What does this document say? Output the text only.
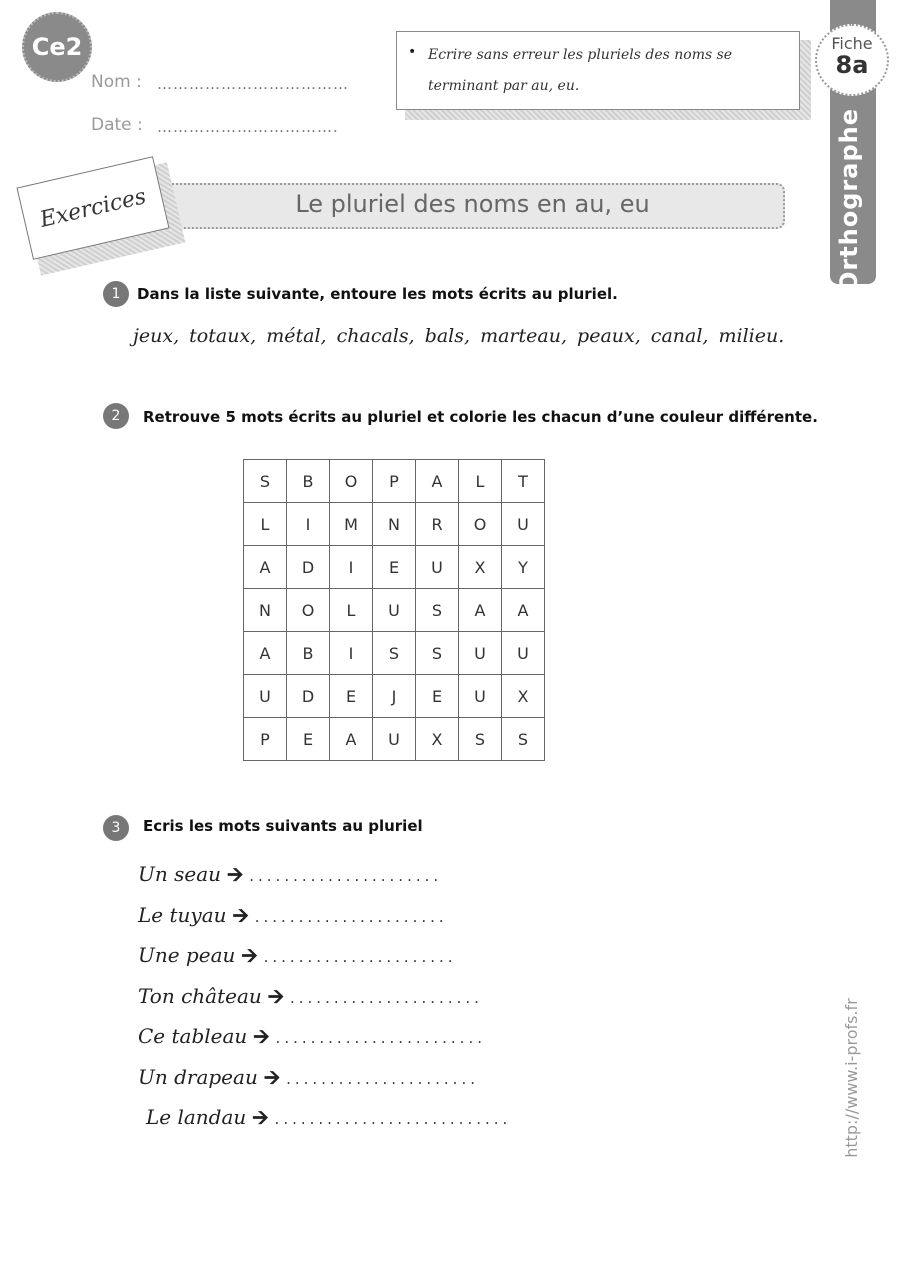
Ce2
Nom : ………………………………
Date : …………………………….
• Ecrire sans erreur les pluriels des noms se terminant par au, eu.
Fiche
8a
Orthographe
Le pluriel des noms en au, eu
Exercices
1	Dans la liste suivante, entoure les mots écrits au pluriel.
jeux, totaux, métal, chacals, bals, marteau, peaux, canal, milieu.
2	Retrouve 5 mots écrits au pluriel et colorie les chacun d’une couleur différente.
S	B	O	P	A	L	T
L	I	M	N	R	O	U
A	D	I	E	U	X	Y
N	O	L	U	S	A	A
A	B	I	S	S	U	U
U	D	E	J	E	U	X
P	E	A	U	X	S	S
3	Ecris les mots suivants au pluriel
Un seau 🡪 ......................
Le tuyau 🡪 ......................
Une peau 🡪 ......................
Ton château 🡪 ......................
Ce tableau 🡪 ........................
Un drapeau 🡪 ......................
Le landau 🡪 ...........................	http://www.i-profs.fr
